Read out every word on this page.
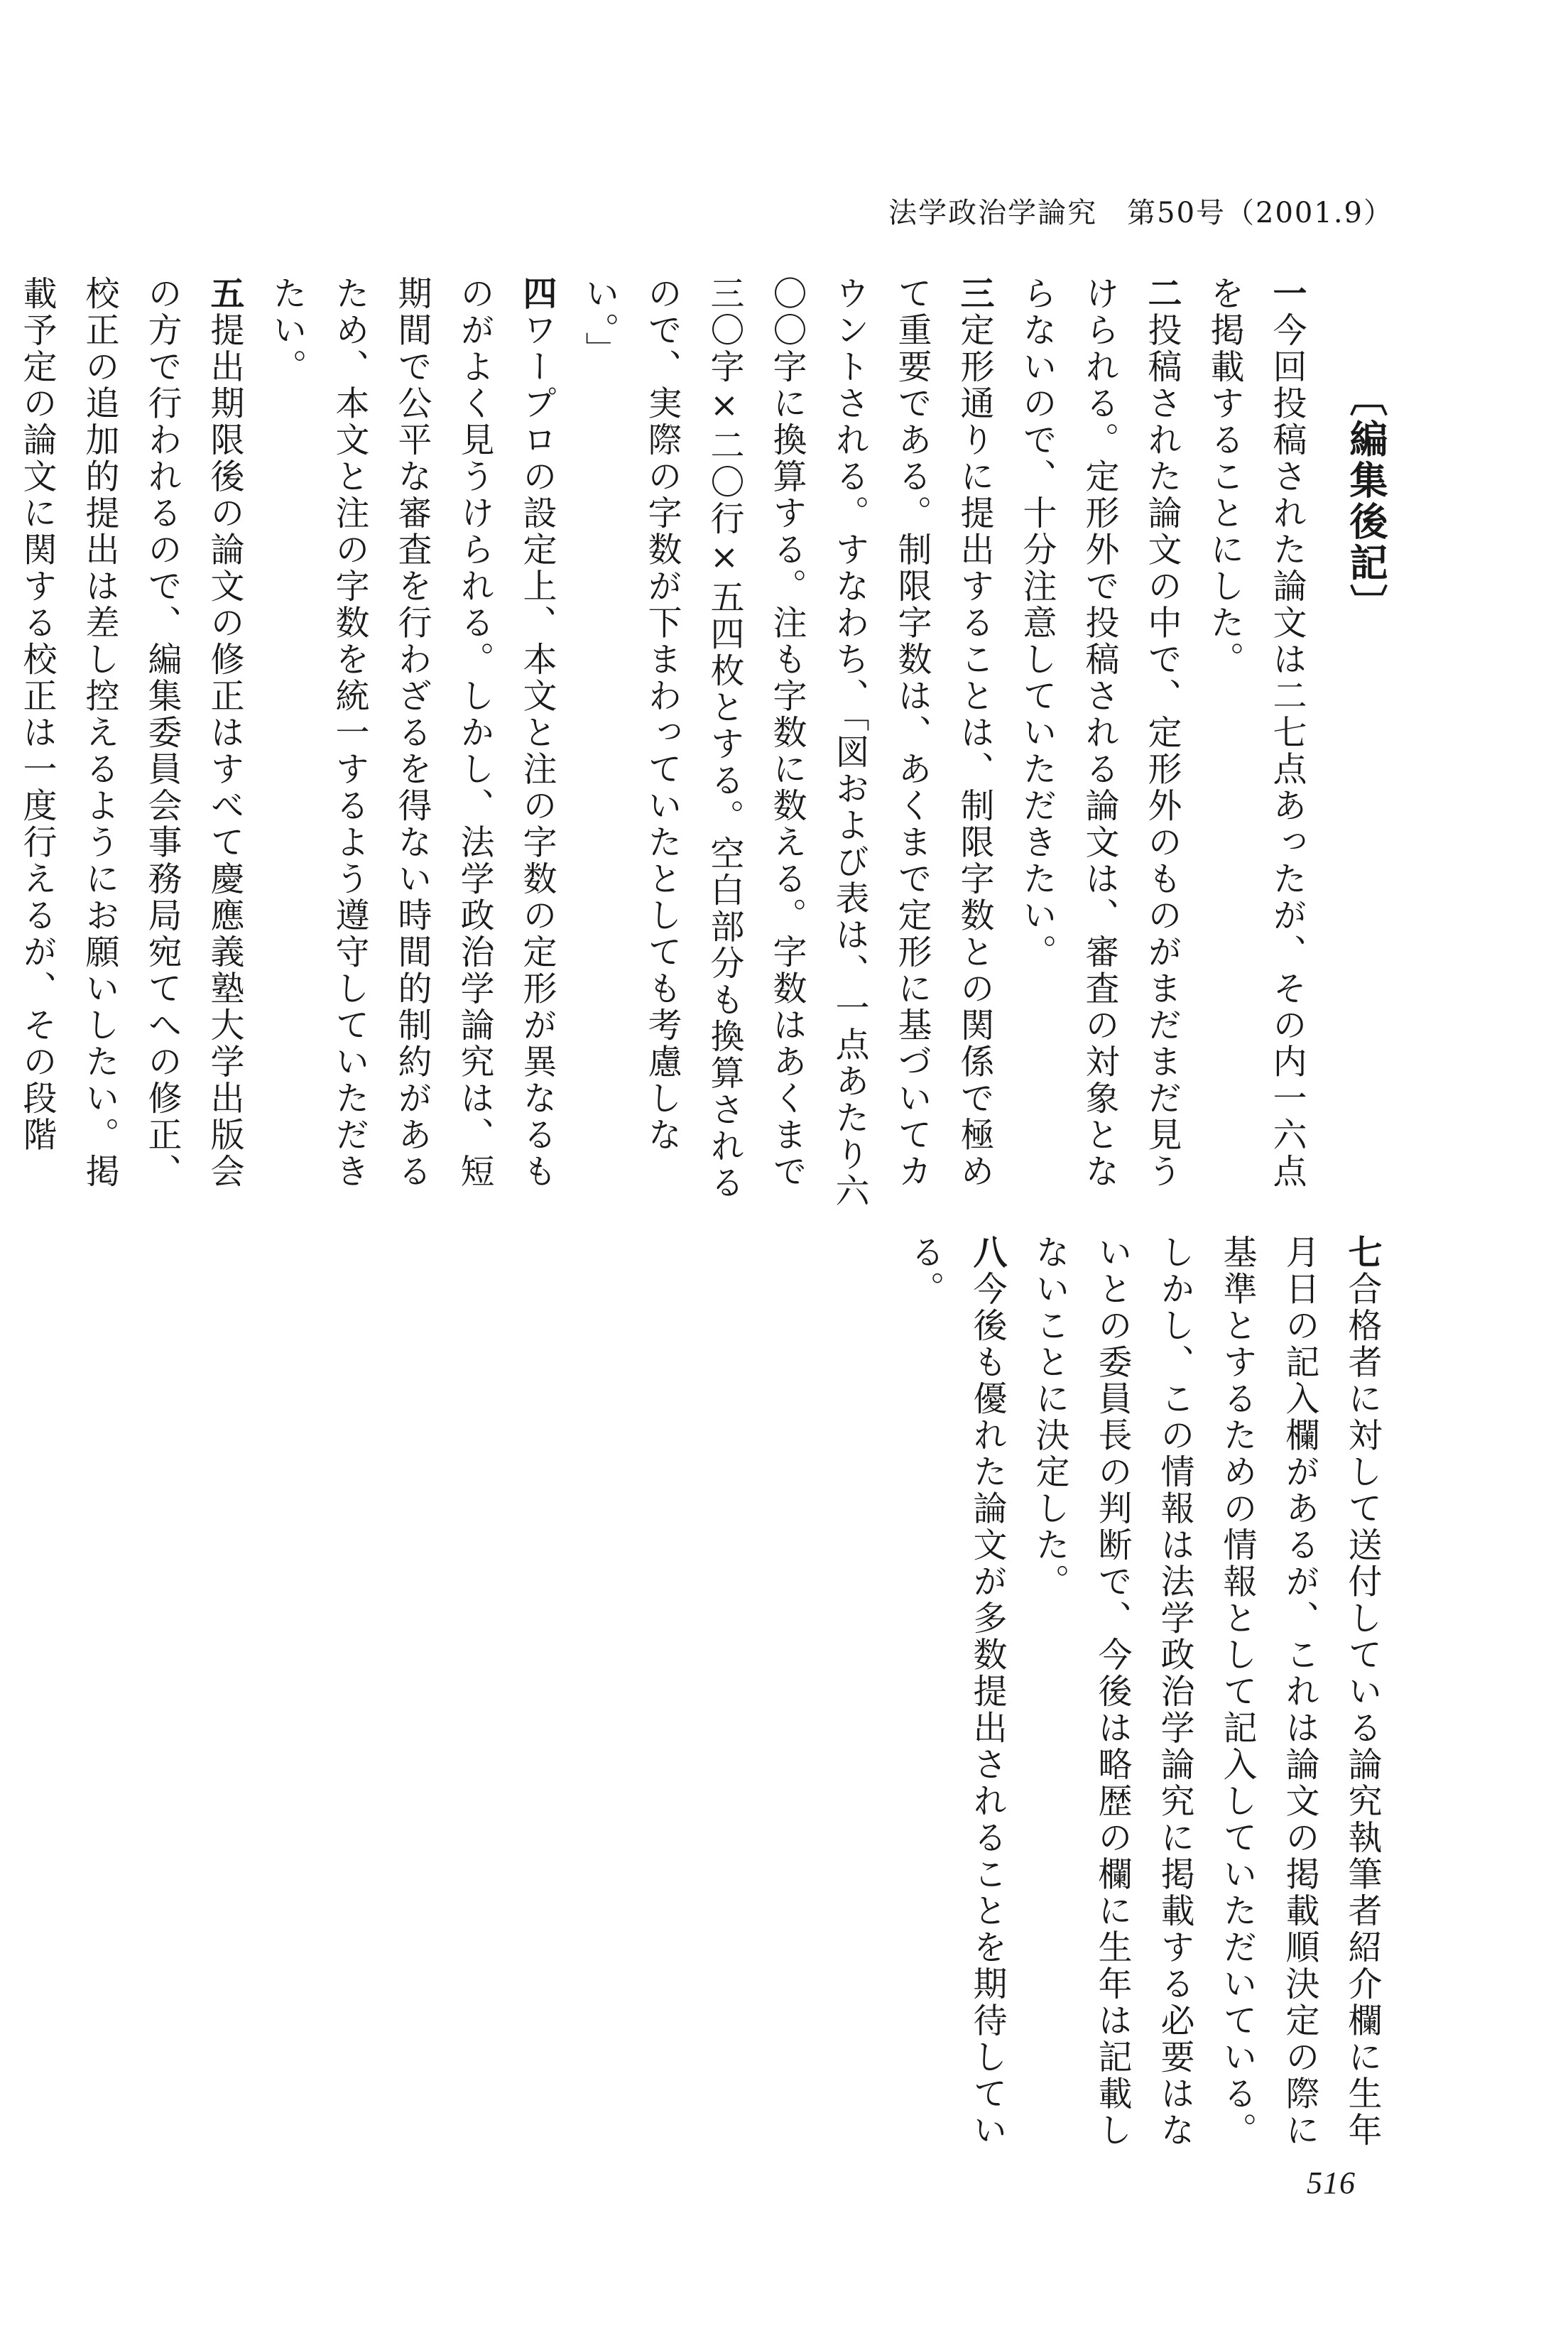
法学政治学論究　第50号（2001.9）
〔編集後記〕
一今回投稿された論文は二七点あったが、その内一六点を掲載することにした。
二投稿された論文の中で、定形外のものがまだまだ見うけられる。定形外で投稿される論文は、審査の対象とならないので、十分注意していただきたい。
三定形通りに提出することは、制限字数との関係で極めて重要である。制限字数は、あくまで定形に基づいてカウントされる。すなわち、「図および表は、一点あたり六〇〇字に換算する。注も字数に数える。字数はあくまで三〇字×二〇行×五四枚とする。空白部分も換算されるので、実際の字数が下まわっていたとしても考慮しない。」
四ワープロの設定上、本文と注の字数の定形が異なるものがよく見うけられる。しかし、法学政治学論究は、短期間で公平な審査を行わざるを得ない時間的制約があるため、本文と注の字数を統一するよう遵守していただきたい。
五提出期限後の論文の修正はすべて慶應義塾大学出版会の方で行われるので、編集委員会事務局宛てへの修正、校正の追加的提出は差し控えるようにお願いしたい。掲載予定の論文に関する校正は一度行えるが、その段階
七合格者に対して送付している論究執筆者紹介欄に生年月日の記入欄があるが、これは論文の掲載順決定の際に基準とするための情報として記入していただいている。しかし、この情報は法学政治学論究に掲載する必要はないとの委員長の判断で、今後は略歴の欄に生年は記載しないことに決定した。
八今後も優れた論文が多数提出されることを期待している。
516
